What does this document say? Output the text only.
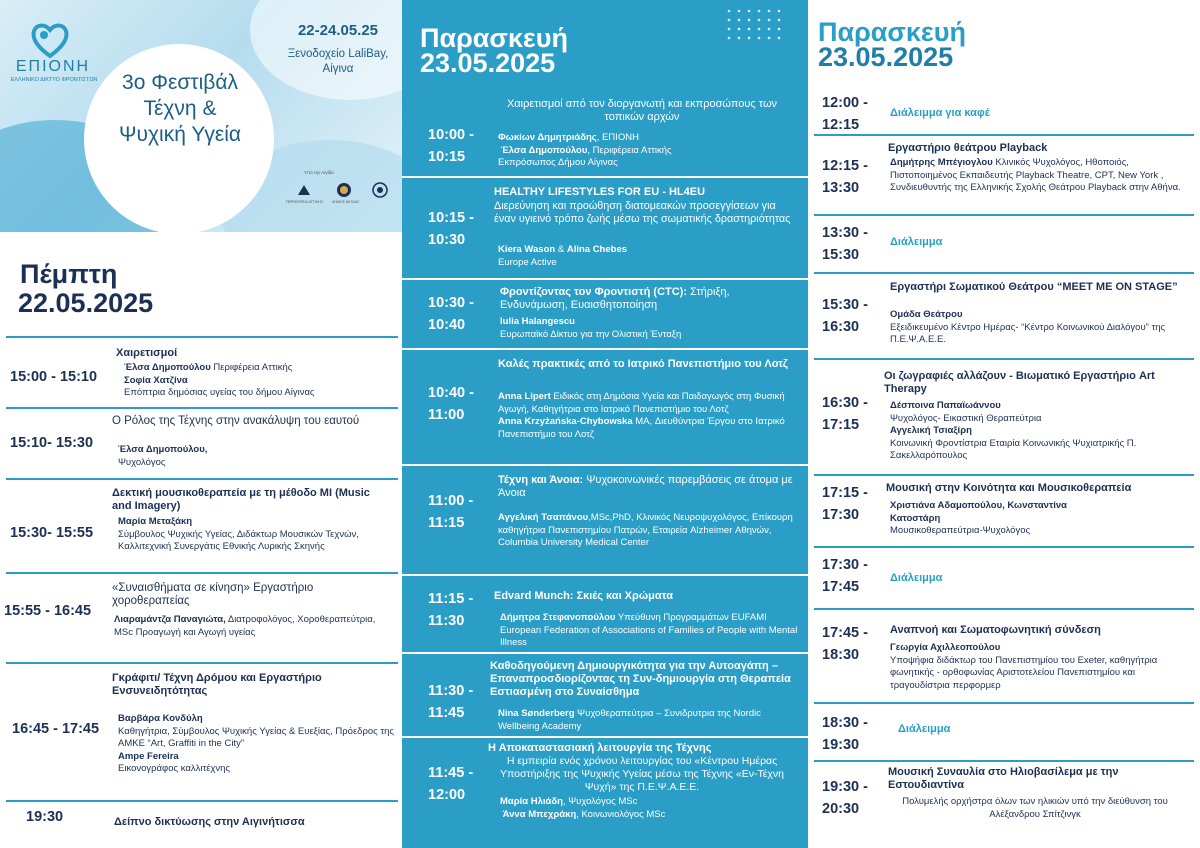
ΕΠΙΟΝΗ
ΕΛΛΗΝΙΚΟ ΔΙΚΤΥΟ ΦΡΟΝΤΙΣΤΩΝ	3ο Φεστιβάλ
Τέχνη &
Ψυχική Υγεία
22-24.05.25
Ξενοδοχείο LaliBay,
Αίγινα
Υπό την Αιγίδα
ΠΕΡΙΦΕΡΕΙΑ ΑΤΤΙΚΗΣ ΔΗΜΟΣ ΑΙΓΙΝΑΣ
Πέμπτη
22.05.2025
15:00 - 15:10
Χαιρετισμοί
Έλσα Δημοπούλου Περιφέρεια Αττικής
Σοφία Χατζίνα
Επόπτρια δημόσιας υγείας του δήμου Αίγινας
15:10- 15:30
Ο Ρόλος της Τέχνης στην ανακάλυψη του εαυτού
Έλσα Δημοπούλου,
Ψυχολόγος
15:30- 15:55
Δεκτική μουσικοθεραπεία με τη μέθοδο MI (Music and Imagery)
Μαρία Μεταξάκη
Σύμβουλος Ψυχικής Υγείας, Διδάκτωρ Μουσικών Τεχνών, Καλλιτεχνική Συνεργάτις Εθνικής Λυρικής Σκηνής
15:55 - 16:45
«Συναισθήματα σε κίνηση» Εργαστήριο χοροθεραπείας
Λιαραμάντζα Παναγιώτα, Διατροφολόγος, Χοροθεραπεύτρια, MSc Προαγωγή και Αγωγή υγείας
16:45 - 17:45
Γκράφιτι/ Τέχνη Δρόμου και Εργαστήριο Ενσυνειδητότητας
Βαρβάρα Κονδύλη
Καθηγήτρια, Σύμβουλος Ψυχικής Υγείας & Ευεξίας, Πρόεδρος της ΑΜΚΕ “Art, Graffiti in the City”
Ampe Fereira
Εικονογράφος καλλιτέχνης
19:30	Δείπνο δικτύωσης στην Αιγινήτισσα
Παρασκευή
23.05.2025
10:00 -
10:15
Χαιρετισμοί από τον διοργανωτή και εκπροσώπους των τοπικών αρχών
Φωκίων Δημητριάδης, ΕΠΙΟΝΗ
Έλσα Δημοπούλου, Περιφέρεια Αττικής
Εκπρόσωπος Δήμου Αίγινας
10:15 -
10:30
HEALTHY LIFESTYLES FOR EU - HL4EU
Διερεύνηση και προώθηση διατομεακών προσεγγίσεων για έναν υγιεινό τρόπο ζωής μέσω της σωματικής δραστηριότητας
Kiera Wason & Alina Chebes
Europe Active
10:30 -
10:40
Φροντίζοντας τον Φροντιστή (CTC): Στήριξη, Ενδυνάμωση, Ευαισθητοποίηση
Iulia Halangescu
Ευρωπαϊκό Δίκτυο για την Ολιστική Ένταξη
10:40 -
11:00
Καλές πρακτικές από το Ιατρικό Πανεπιστήμιο του Λοτζ
Anna Lipert Ειδικός στη Δημόσια Υγεία και Παιδαγωγός στη Φυσική Αγωγή, Καθηγήτρια στο Ιατρικό Πανεπιστήμιο του Λοτζ
Anna Krzyżańska-Chybowska MA, Διευθύντρια Έργου στο Ιατρικό Πανεπιστήμιο του Λοτζ
11:00 -
11:15
Τέχνη και Άνοια: Ψυχοκοινωνικές παρεμβάσεις σε άτομα με Άνοια
Αγγελική Τσαπάνου,MSc,PhD, Κλινικός Νευροψυχολόγος, Επίκουρη καθηγήτρια Πανεπιστημίου Πατρών, Εταιρεία Alzheimer Αθηνών, Columbia University Medical Center
11:15 -
11:30
Edvard Munch: Σκιές και Χρώματα
Δήμητρα Στεφανοπούλου Υπεύθυνη Προγραμμάτων EUFAMI European Federation of Associations of Families of People with Mental Illness
11:30 -
11:45
Καθοδηγούμενη Δημιουργικότητα για την Αυτοαγάπη – Επαναπροσδιορίζοντας τη Συν-δημιουργία στη Θεραπεία Εστιασμένη στο Συναίσθημα
Nina Sønderberg Ψυχοθεραπεύτρια – Συνιδρυτρια της Nordic Wellbeing Academy
11:45 -
12:00
Η Αποκαταστασιακή λειτουργία της Τέχνης
Η εμπειρία ενός χρόνου λειτουργίας του «Κέντρου Ημέρας Υποστήριξης της Ψυχικής Υγείας μέσω της Τέχνης «Εν-Τέχνη Ψυχή» της Π.Ε.Ψ.Α.Ε.Ε.
Μαρία Ηλιάδη, Ψυχολόγος MSc
Άννα Μπεχράκη, Κοινωνιολόγος MSc
Παρασκευή
23.05.2025
12:00 -
12:15
Διάλειμμα για καφέ
12:15 -
13:30
Εργαστήριο θεάτρου Playback
Δημήτρης Μπέγιογλου Κλινικός Ψυχολόγος, Ηθοποιός, Πιστοποιημένος Εκπαιδευτής Playback Theatre, CPT, New York , Συνδιευθυντής της Ελληνικής Σχολής Θεάτρου Playback στην Αθήνα.
13:30 -
15:30
Διάλειμμα
15:30 -
16:30
Εργαστήρι Σωματικού Θεάτρου “MEET ME ON STAGE”
Ομάδα Θεάτρου
Εξειδικευμένο Κέντρο Ημέρας- “Κέντρο Κοινωνικού Διαλόγου” της Π.Ε.Ψ.Α.Ε.Ε.
16:30 -
17:15
Οι ζωγραφιές αλλάζουν - Βιωματικό Εργαστήριο Art Therapy
Δέσποινα Παπαϊωάννου
Ψυχολόγος- Εικαστική Θεραπεύτρια
Αγγελική Τσιαξίρη
Κοινωνική Φροντίστρια Εταιρία Κοινωνικής Ψυχιατρικής Π. Σακελλαρόπουλος
17:15 -
17:30
Μουσική στην Κοινότητα και Μουσικοθεραπεία
Χριστιάνα Αδαμοπούλου, Κωνσταντίνα Κατοστάρη
Μουσικοθεραπεύτρια-Ψυχολόγος
17:30 -
17:45
Διάλειμμα
17:45 -
18:30
Αναπνοή και Σωματοφωνητική σύνδεση
Γεωργία Αχιλλεοπούλου
Υποψήφια διδάκτωρ του Πανεπιστημίου του Exeter, καθηγήτρια φωνητικής - ορθοφωνίας Αριστοτελείου Πανεπιστημίου και τραγουδίστρια περφορμερ
18:30 -
19:30
Διάλειμμα
19:30 -
20:30
Μουσική Συναυλία στο Ηλιοβασίλεμα με την Εστουδιαντίνα
Πολυμελής ορχήστρα όλων των ηλικιών υπό την διεύθυνση του Αλέξανδρου Σπίτζινγκ
